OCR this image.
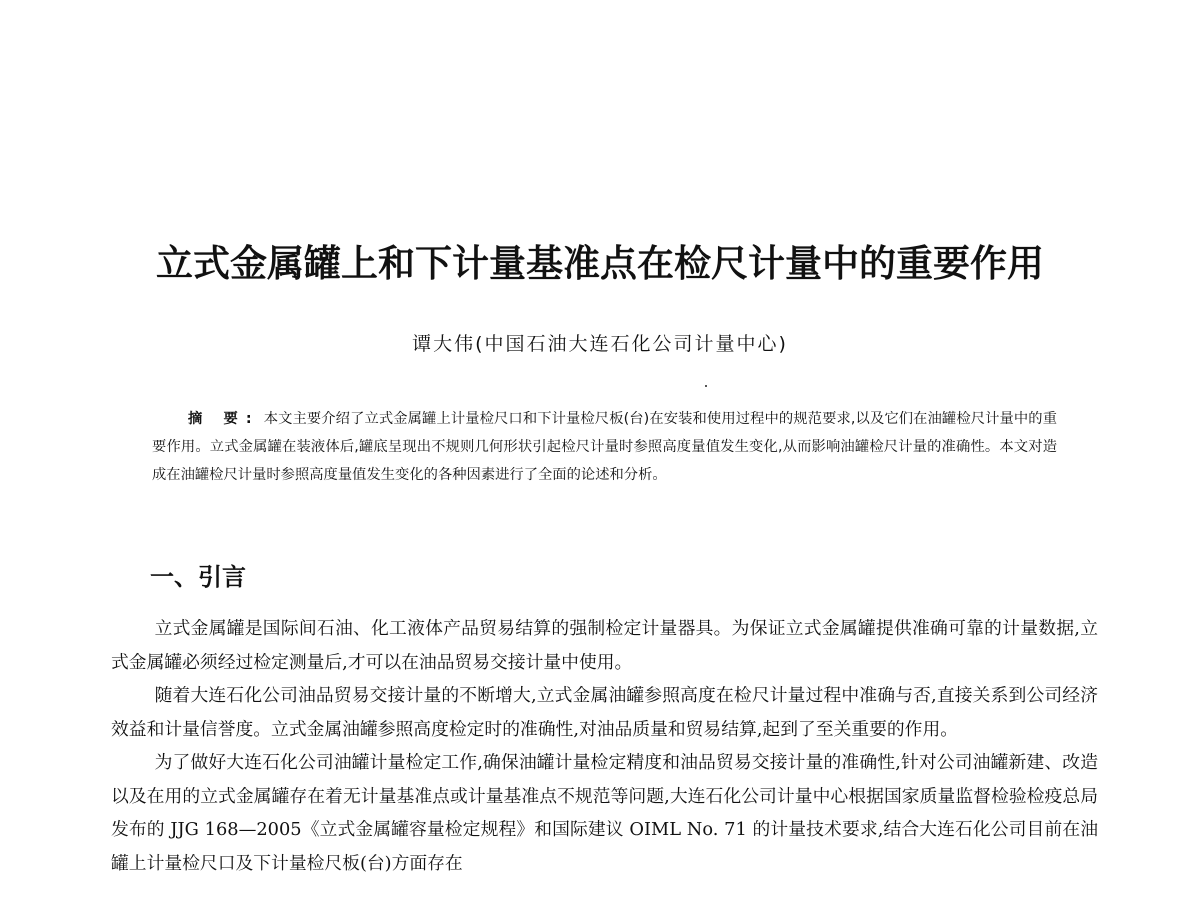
立式金属罐上和下计量基准点在检尺计量中的重要作用
谭大伟(中国石油大连石化公司计量中心)
摘 要: 本文主要介绍了立式金属罐上计量检尺口和下计量检尺板(台)在安装和使用过程中的规范要求,以及它们在油罐检尺计量中的重要作用。立式金属罐在装液体后,罐底呈现出不规则几何形状引起检尺计量时参照高度量值发生变化,从而影响油罐检尺计量的准确性。本文对造成在油罐检尺计量时参照高度量值发生变化的各种因素进行了全面的论述和分析。
一、引言

立式金属罐是国际间石油、化工液体产品贸易结算的强制检定计量器具。为保证立式金属罐提供准确可靠的计量数据,立式金属罐必须经过检定测量后,才可以在油品贸易交接计量中使用。

随着大连石化公司油品贸易交接计量的不断增大,立式金属油罐参照高度在检尺计量过程中准确与否,直接关系到公司经济效益和计量信誉度。立式金属油罐参照高度检定时的准确性,对油品质量和贸易结算,起到了至关重要的作用。

为了做好大连石化公司油罐计量检定工作,确保油罐计量检定精度和油品贸易交接计量的准确性,针对公司油罐新建、改造以及在用的立式金属罐存在着无计量基准点或计量基准点不规范等问题,大连石化公司计量中心根据国家质量监督检验检疫总局发布的 JJG 168—2005《立式金属罐容量检定规程》和国际建议 OIML No. 71 的计量技术要求,结合大连石化公司目前在油罐上计量检尺口及下计量检尺板(台)方面存在
